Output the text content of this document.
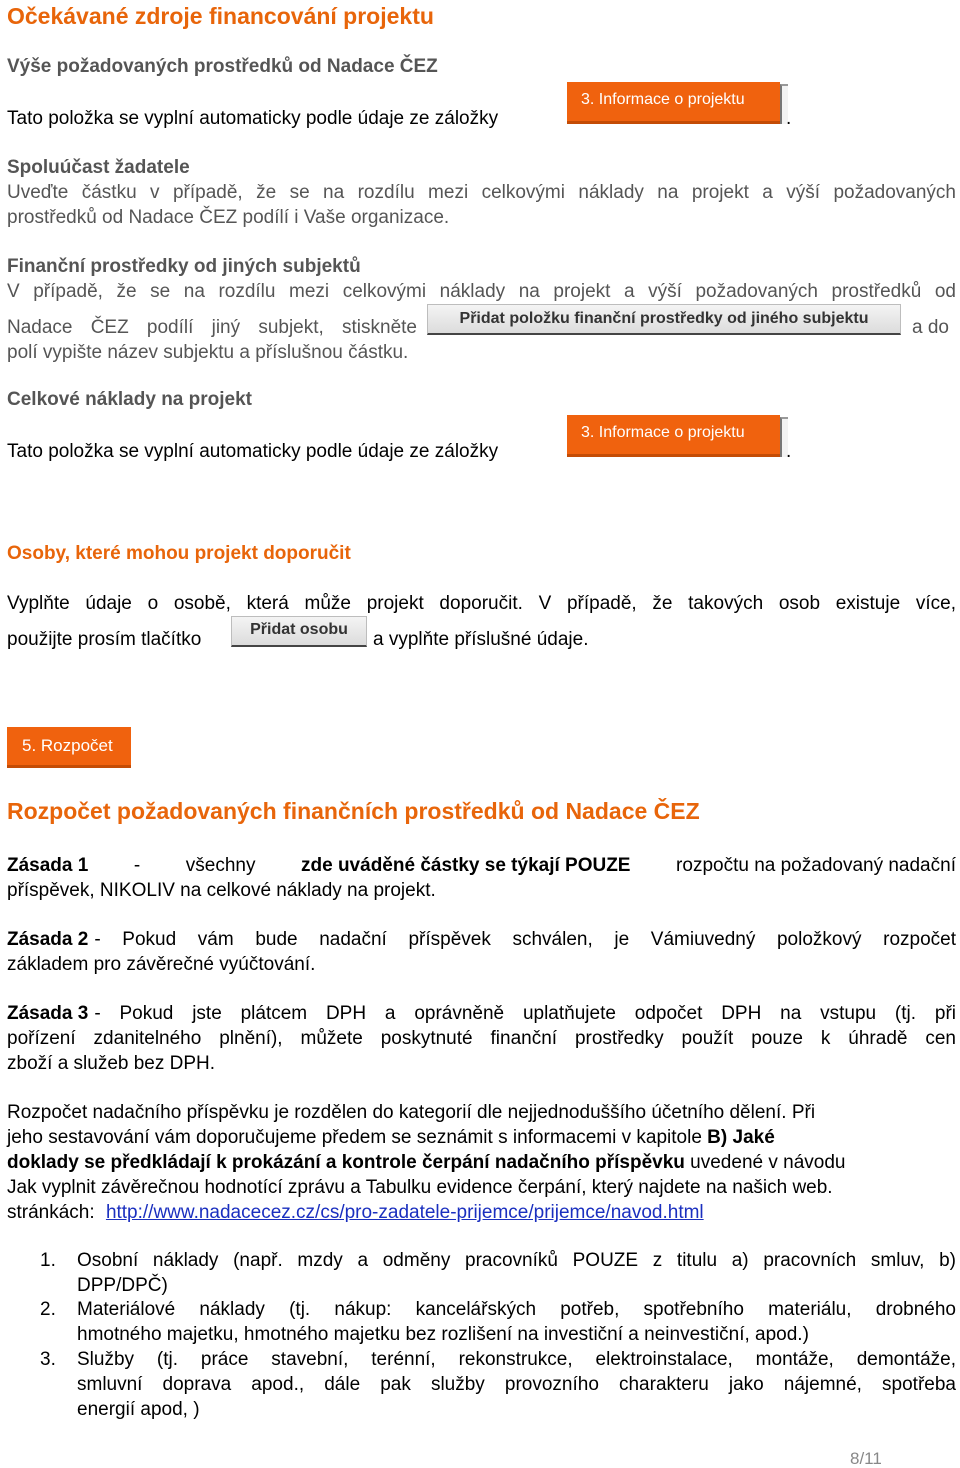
Očekávané zdroje financování projektu
Výše požadovaných prostředků od Nadace ČEZ
Tato položka se vyplní automaticky podle údaje ze záložky
3. Informace o projektu
.
Spoluúčast žadatele
Uveďte částku v případě, že se na rozdílu mezi celkovými náklady na projekt a výší požadovaných
prostředků od Nadace ČEZ podílí i Vaše organizace.
Finanční prostředky od jiných subjektů
V případě, že se na rozdílu mezi celkovými náklady na projekt a výší požadovaných prostředků od
Nadace ČEZ podílí jiný subjekt, stiskněte	Přidat položku finanční prostředky od jiného subjektu	a do
polí vypište název subjektu a příslušnou částku.
Celkové náklady na projekt
Tato položka se vyplní automaticky podle údaje ze záložky
3. Informace o projektu
.
Osoby, které mohou projekt doporučit
Vyplňte údaje o osobě, která může projekt doporučit. V případě, že takových osob existuje více,
použijte prosím tlačítko	Přidat osobu	a vyplňte příslušné údaje.
5. Rozpočet
Rozpočet požadovaných finančních prostředků od Nadace ČEZ
Zásada 1 - všechny zde uváděné částky se týkají POUZE rozpočtu na požadovaný nadační
příspěvek, NIKOLIV na celkové náklady na projekt.
Zásada 2 - Pokud vám bude nadační příspěvek schválen, je Vámiuvedný položkový rozpočet
základem pro závěrečné vyúčtování.
Zásada 3 - Pokud jste plátcem DPH a oprávněně uplatňujete odpočet DPH na vstupu (tj. při
pořízení zdanitelného plnění), můžete poskytnuté finanční prostředky použít pouze k úhradě cen
zboží a služeb bez DPH.
Rozpočet nadačního příspěvku je rozdělen do kategorií dle nejjednoduššího účetního dělení. Při
jeho sestavování vám doporučujeme předem se seznámit s informacemi v kapitole B) Jaké
doklady se předkládají k prokázání a kontrole čerpání nadačního příspěvku uvedené v návodu
Jak vyplnit závěrečnou hodnotící zprávu a Tabulku evidence čerpání, který najdete na našich web.
stránkách: http://www.nadacecez.cz/cs/pro-zadatele-prijemce/prijemce/navod.html
1. Osobní náklady (např. mzdy a odměny pracovníků POUZE z titulu a) pracovních smluv, b)
DPP/DPČ)
2. Materiálové náklady (tj. nákup: kancelářských potřeb, spotřebního materiálu, drobného
hmotného majetku, hmotného majetku bez rozlišení na investiční a neinvestiční, apod.)
3. Služby (tj. práce stavební, terénní, rekonstrukce, elektroinstalace, montáže, demontáže,
smluvní doprava apod., dále pak služby provozního charakteru jako nájemné, spotřeba
energií apod, )
8/11
